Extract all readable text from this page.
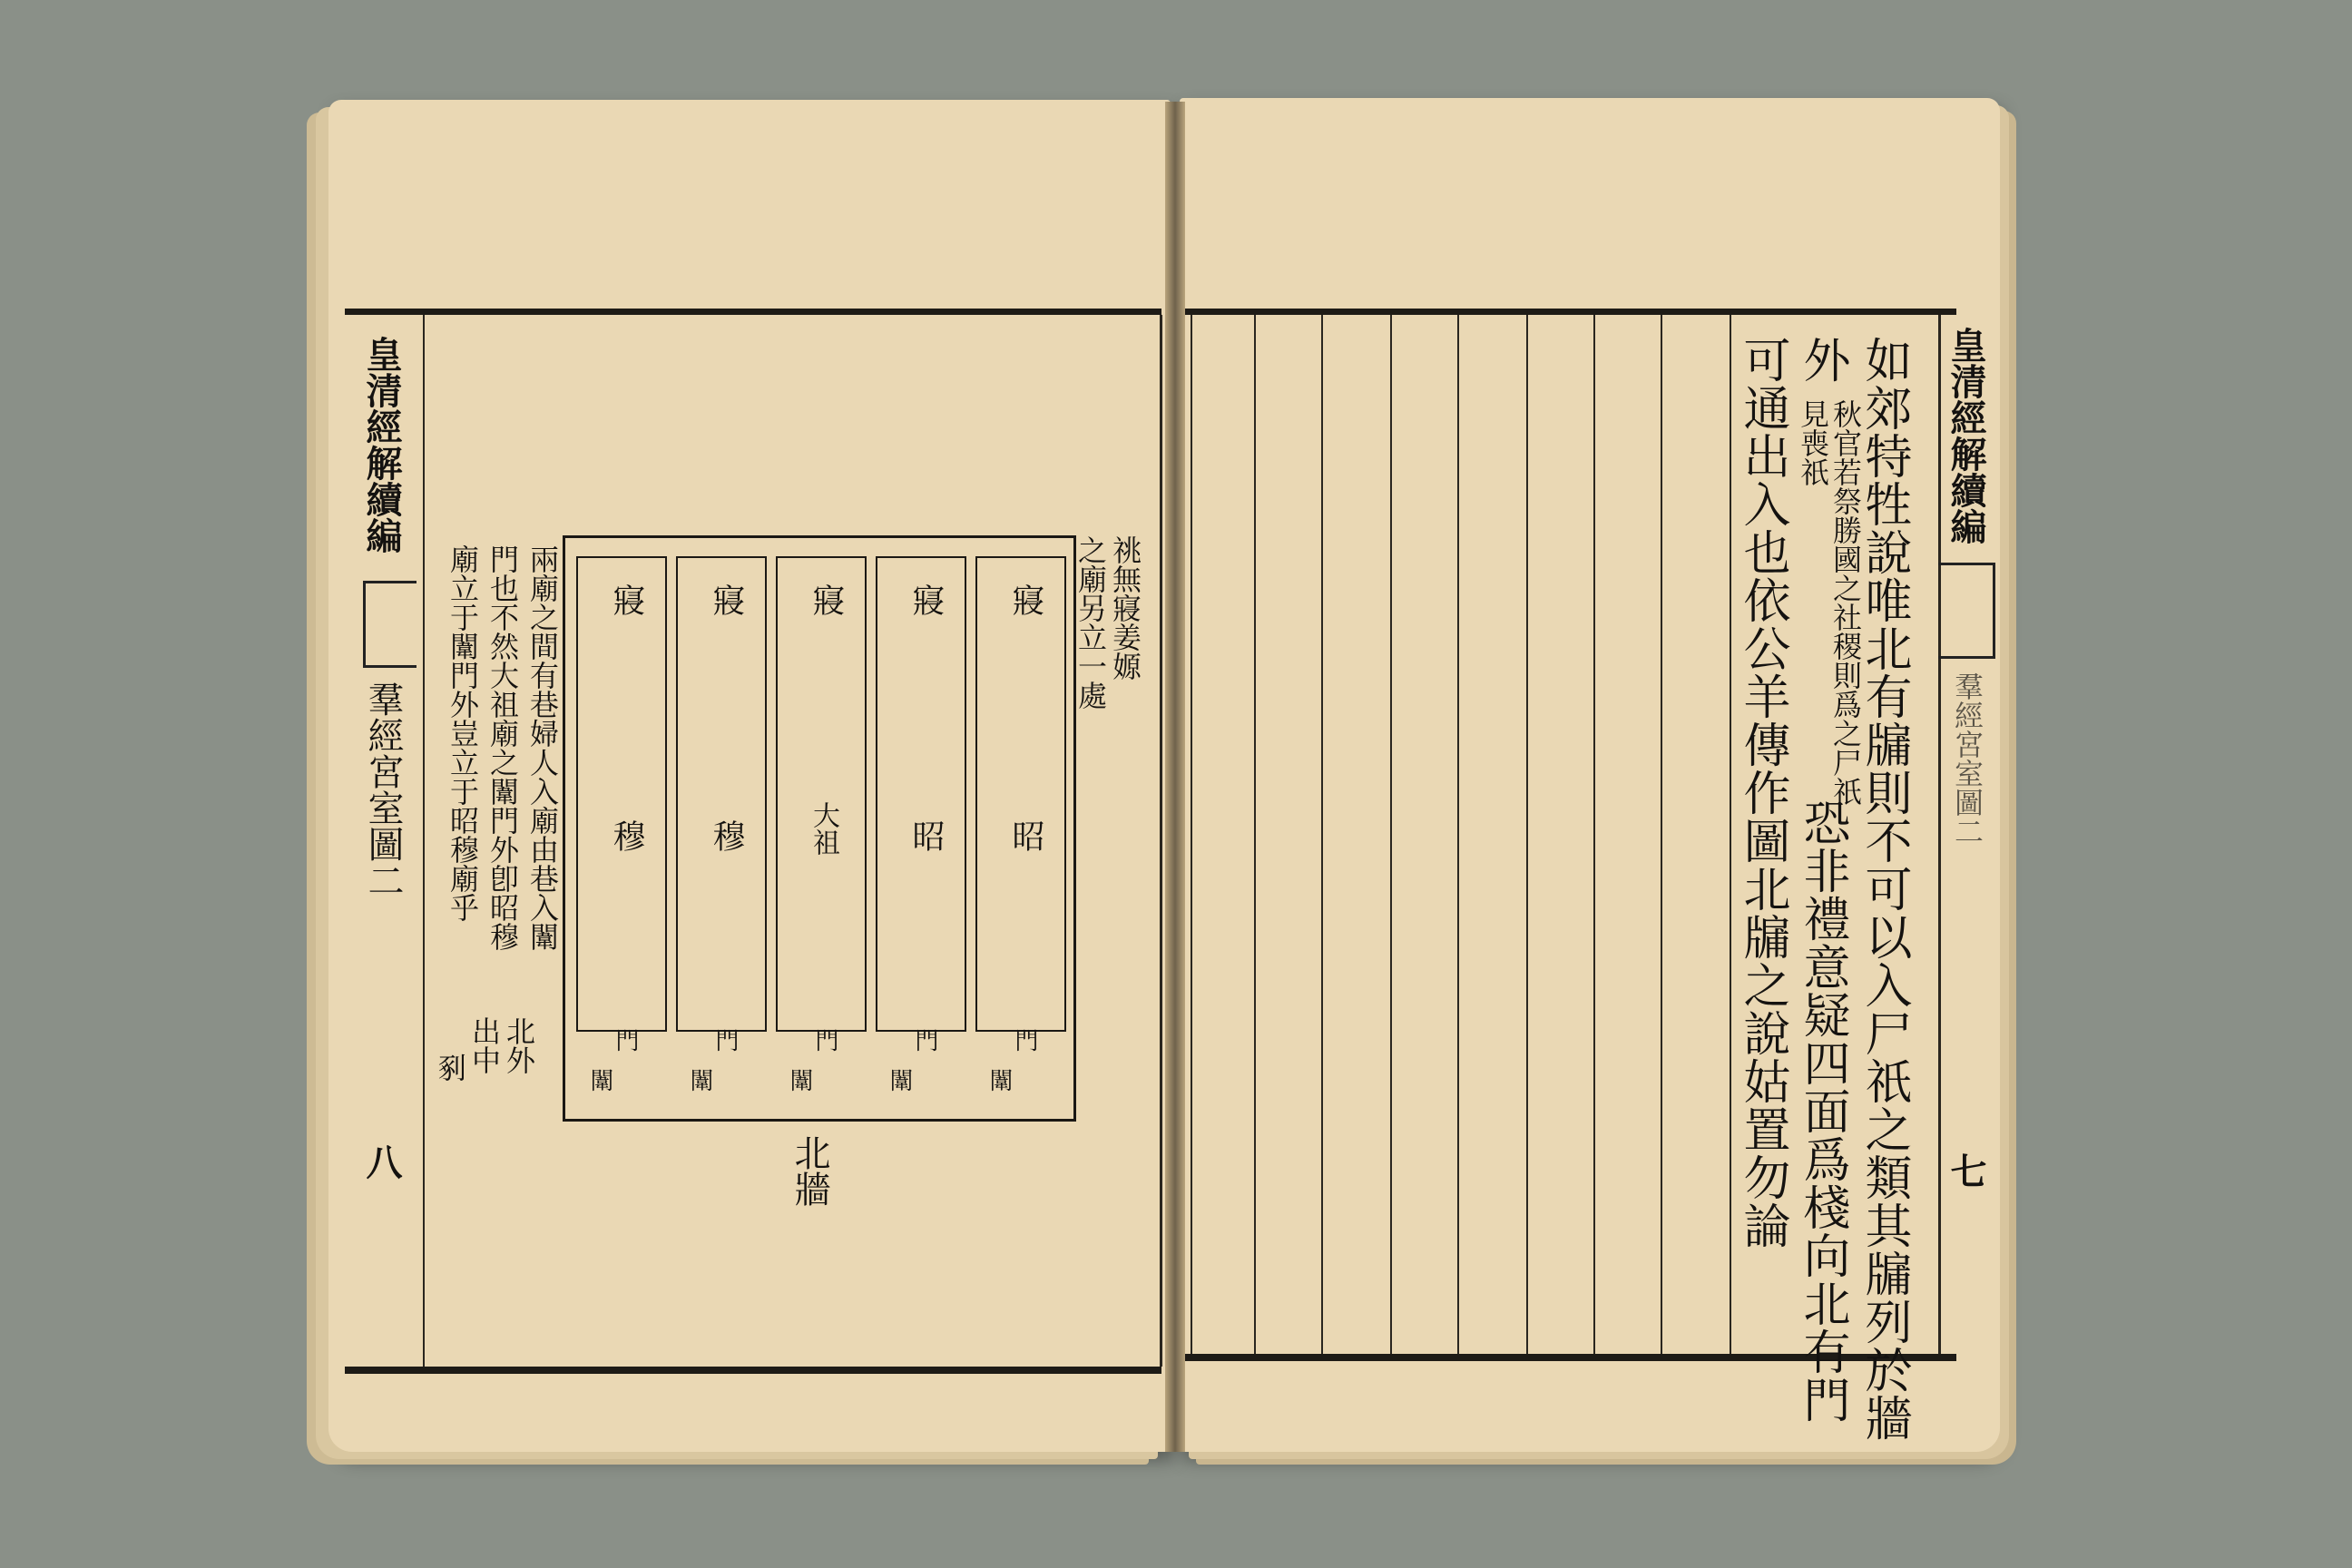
皇清經解續編
羣經宮室圖二
七
如郊特牲說唯北有牖則不可以入尸祇之類其牖列於牆
外
秋官若祭勝國之社稷則爲之尸祇見喪祇
恐非禮意疑四面爲棧向北有門
可通出入也依公羊傳作圖北牖之說姑置勿論
皇清經解續編
羣經宮室圖二
八
兩廟之間有巷婦人入廟由巷入闈
門也不然大祖廟之闈門外卽昭穆
廟立于闈門外豈立于昭穆廟乎	祧無寢姜嫄
之廟另立一處
寢
寢
寢
寢
寢
穆 穆 大祖 昭 昭
門	門	門	門	門
闈	闈	闈	闈	闈
北外
出中
剢
北牆
